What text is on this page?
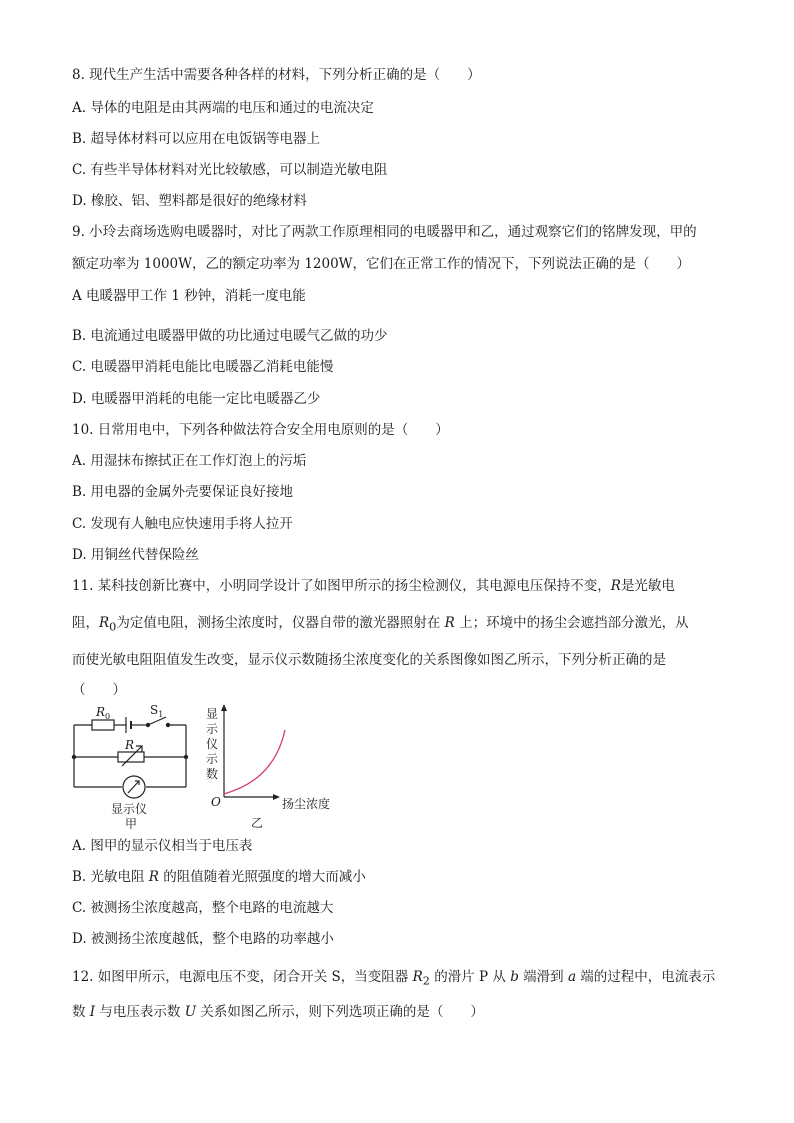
8. 现代生产生活中需要各种各样的材料，下列分析正确的是（　　）
A. 导体的电阻是由其两端的电压和通过的电流决定
B. 超导体材料可以应用在电饭锅等电器上
C. 有些半导体材料对光比较敏感，可以制造光敏电阻
D. 橡胶、铝、塑料都是很好的绝缘材料
9. 小玲去商场选购电暖器时，对比了两款工作原理相同的电暖器甲和乙，通过观察它们的铭牌发现，甲的
额定功率为 1000W，乙的额定功率为 1200W，它们在正常工作的情况下，下列说法正确的是（　　）
A 电暖器甲工作 1 秒钟，消耗一度电能
B. 电流通过电暖器甲做的功比通过电暖气乙做的功少
C. 电暖器甲消耗电能比电暖器乙消耗电能慢
D. 电暖器甲消耗的电能一定比电暖器乙少
10. 日常用电中，下列各种做法符合安全用电原则的是（　　）
A. 用湿抹布擦拭正在工作灯泡上的污垢
B. 用电器的金属外壳要保证良好接地
C. 发现有人触电应快速用手将人拉开
D. 用铜丝代替保险丝
11. 某科技创新比赛中，小明同学设计了如图甲所示的扬尘检测仪，其电源电压保持不变，R是光敏电
阻，$R_0$为定值电阻，测扬尘浓度时，仪器自带的激光器照射在 R 上；环境中的扬尘会遮挡部分激光，从
而使光敏电阻阻值发生改变，显示仪示数随扬尘浓度变化的关系图像如图乙所示，下列分析正确的是
（　　）
$R_0$	$S_1$
R
显示仪
甲
显
示
仪
示
数
O	扬尘浓度
乙
A. 图甲的显示仪相当于电压表
B. 光敏电阻 R 的阻值随着光照强度的增大而减小
C. 被测扬尘浓度越高，整个电路的电流越大
D. 被测扬尘浓度越低，整个电路的功率越小
12. 如图甲所示，电源电压不变，闭合开关 S，当变阻器 $R_2$ 的滑片 P 从 b 端滑到 a 端的过程中，电流表示
数 I 与电压表示数 U 关系如图乙所示，则下列选项正确的是（　　）
